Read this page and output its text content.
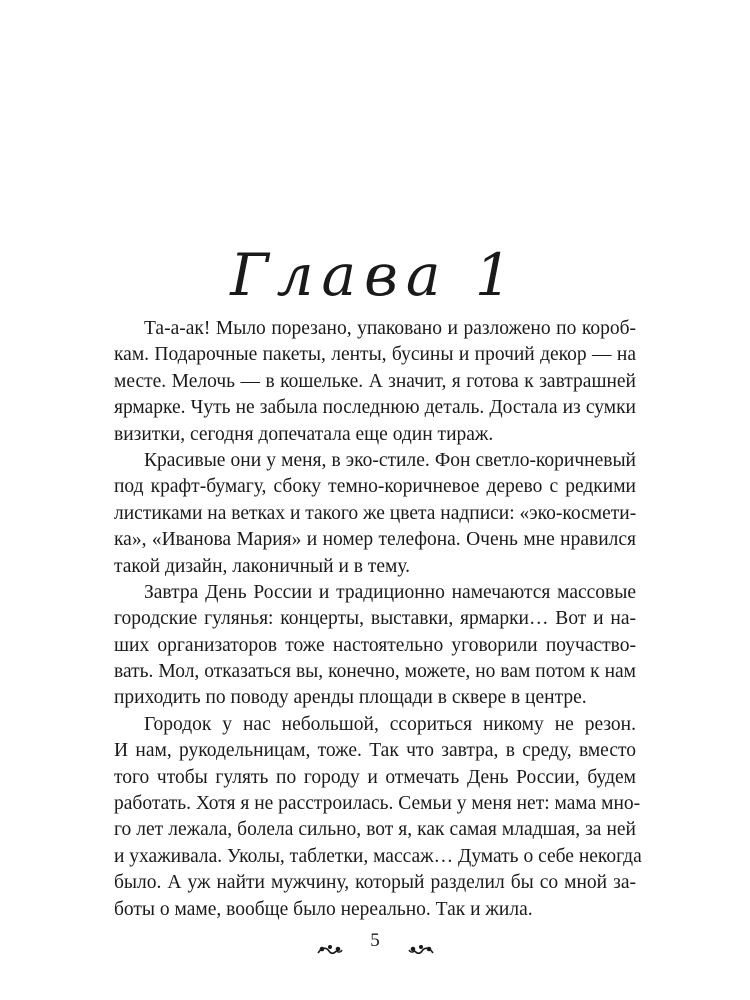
Глава 1
Та-а-ак! Мыло порезано, упаковано и разложено по короб-
кам. Подарочные пакеты, ленты, бусины и прочий декор — на
месте. Мелочь — в кошельке. А значит, я готова к завтрашней
ярмарке. Чуть не забыла последнюю деталь. Достала из сумки
визитки, сегодня допечатала еще один тираж.
Красивые они у меня, в эко-стиле. Фон светло-коричневый
под крафт-бумагу, сбоку темно-коричневое дерево с редкими
листиками на ветках и такого же цвета надписи: «эко-космети-
ка», «Иванова Мария» и номер телефона. Очень мне нравился
такой дизайн, лаконичный и в тему.
Завтра День России и традиционно намечаются массовые
городские гулянья: концерты, выставки, ярмарки… Вот и на-
ших организаторов тоже настоятельно уговорили поучаство-
вать. Мол, отказаться вы, конечно, можете, но вам потом к нам
приходить по поводу аренды площади в сквере в центре.
Городок у нас небольшой, ссориться никому не резон.
И нам, рукодельницам, тоже. Так что завтра, в среду, вместо
того чтобы гулять по городу и отмечать День России, будем
работать. Хотя я не расстроилась. Семьи у меня нет: мама мно-
го лет лежала, болела сильно, вот я, как самая младшая, за ней
и ухаживала. Уколы, таблетки, массаж… Думать о себе некогда
было. А уж найти мужчину, который разделил бы со мной за-
боты о маме, вообще было нереально. Так и жила.
5
